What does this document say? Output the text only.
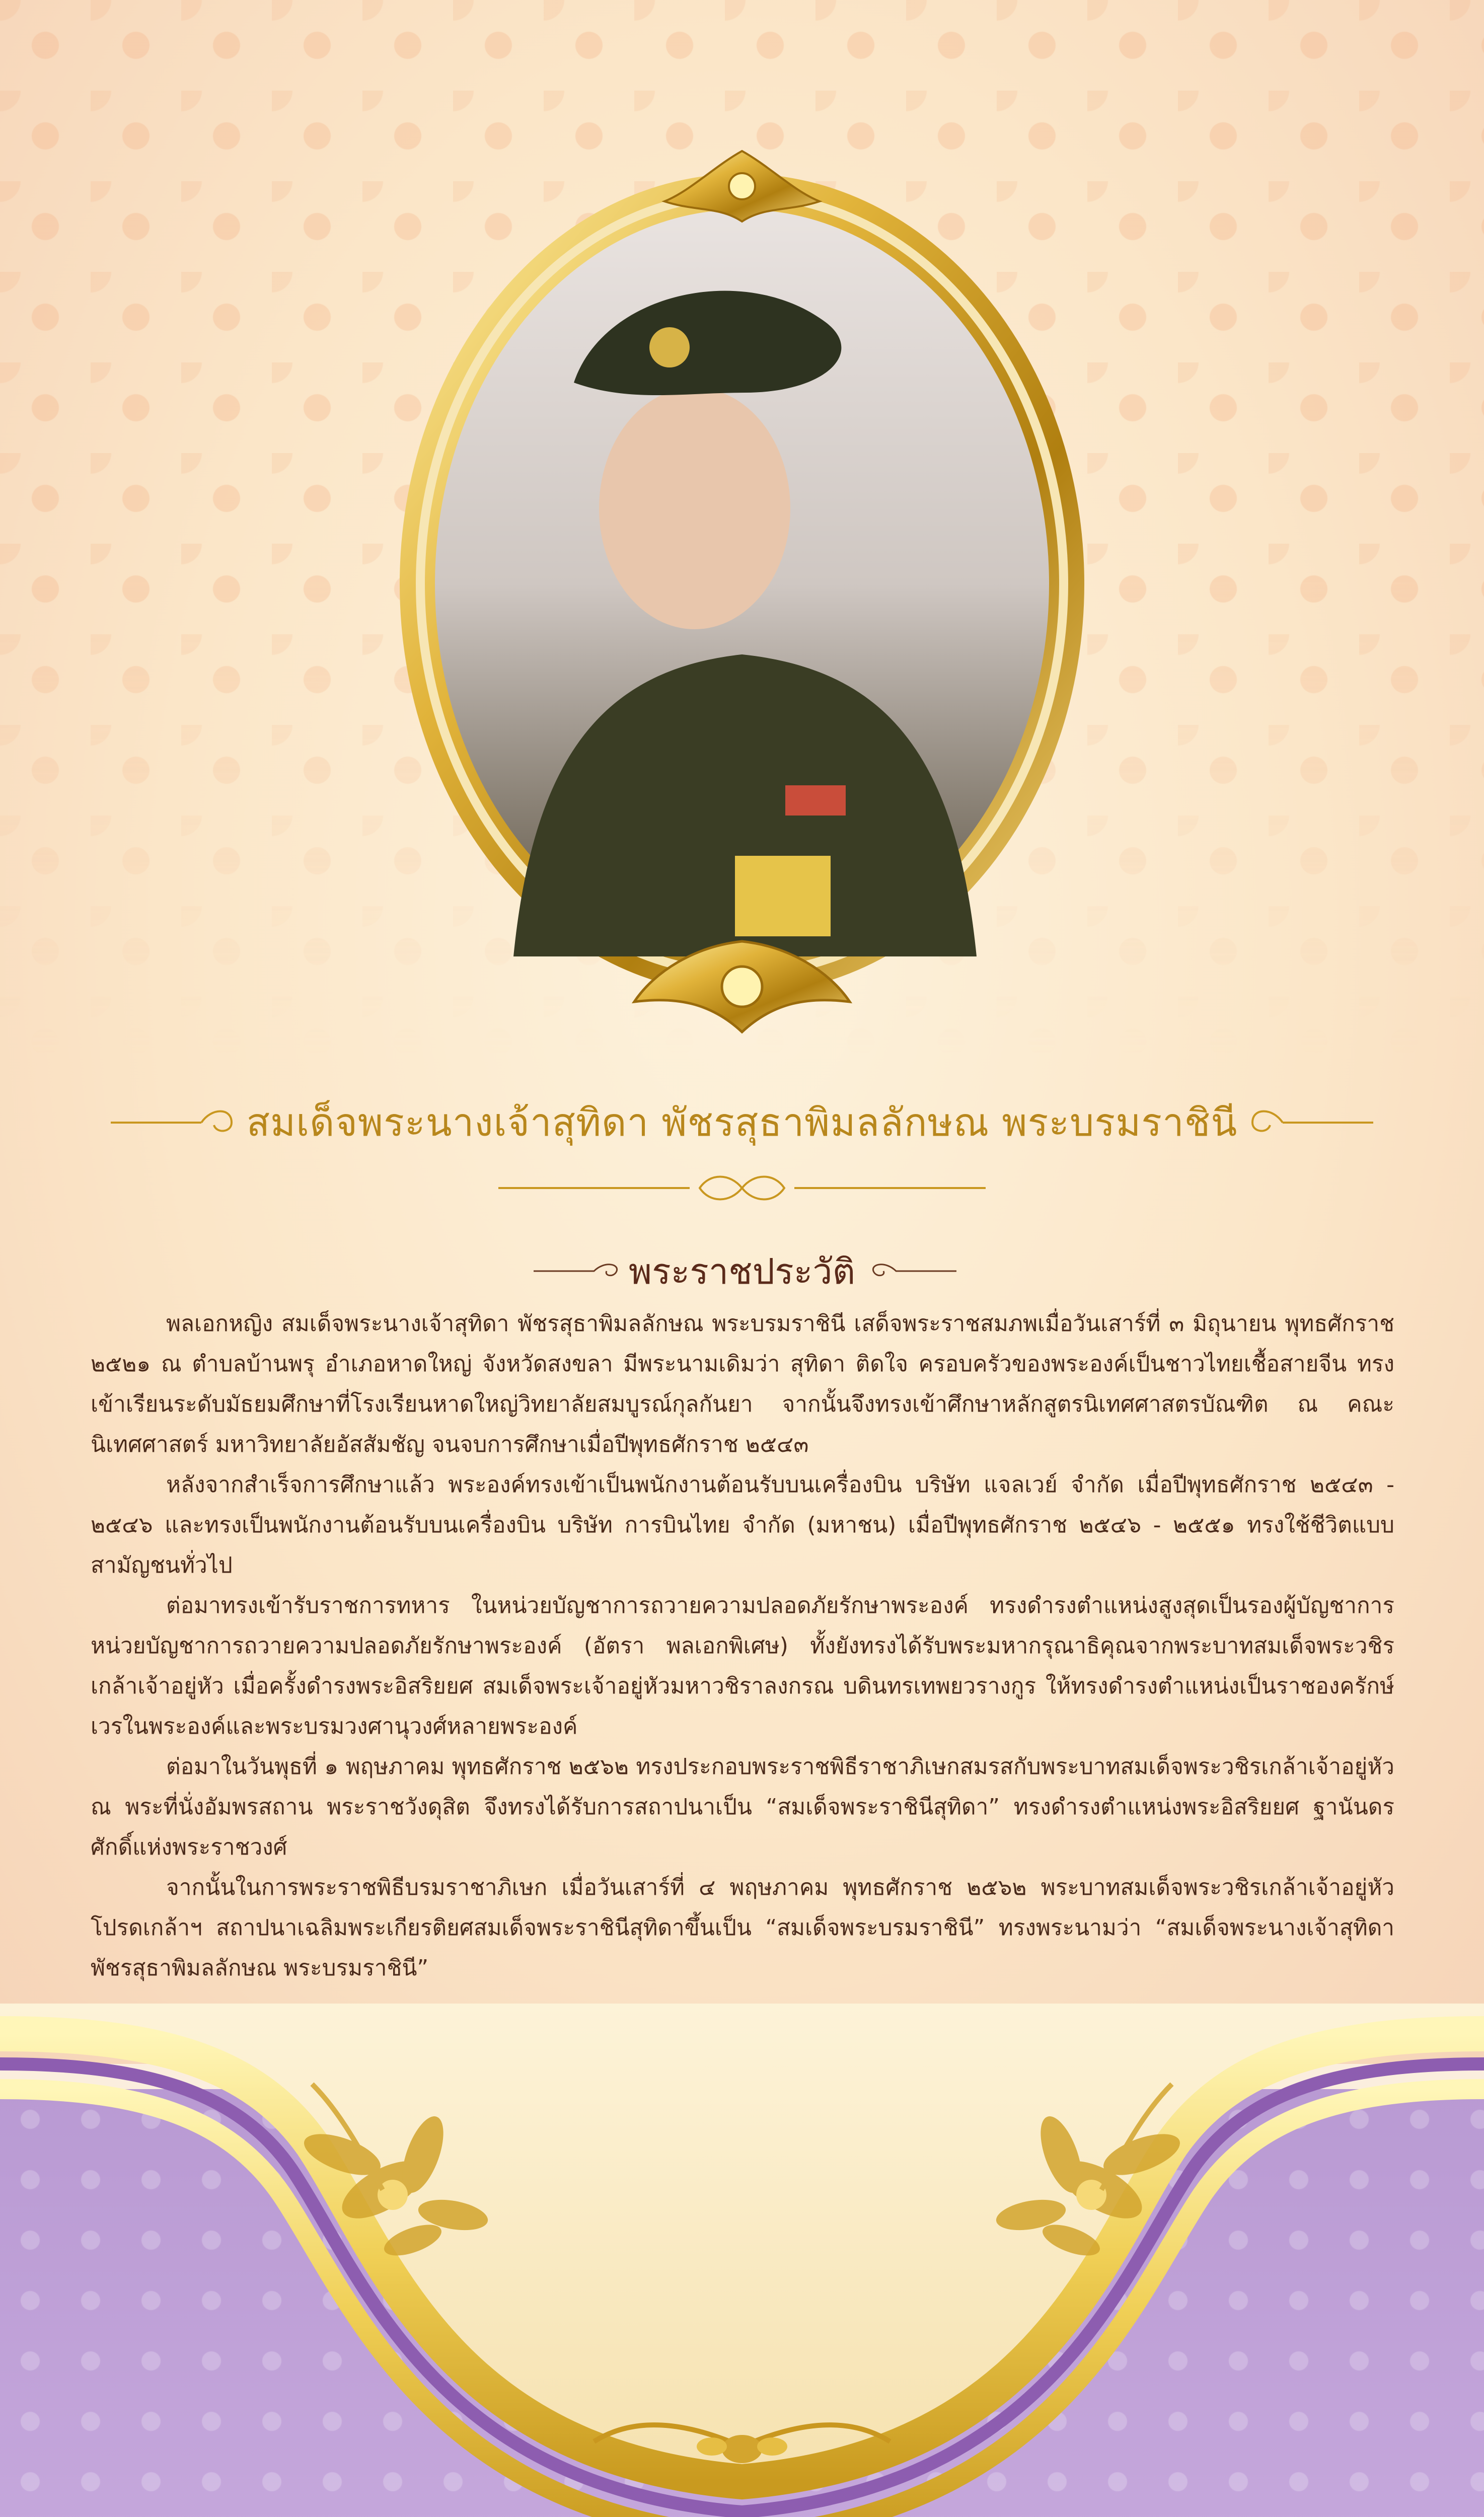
สมเด็จพระนางเจ้าสุทิดา พัชรสุธาพิมลลักษณ พระบรมราชินี
พระราชประวัติ

พลเอกหญิง สมเด็จพระนางเจ้าสุทิดา พัชรสุธาพิมลลักษณ พระบรมราชินี เสด็จพระราชสมภพเมื่อวันเสาร์ที่ ๓ มิถุนายน พุทธศักราช ๒๕๒๑ ณ ตำบลบ้านพรุ อำเภอหาดใหญ่ จังหวัดสงขลา มีพระนามเดิมว่า สุทิดา ติดใจ ครอบครัวของพระองค์เป็นชาวไทยเชื้อสายจีน ทรงเข้าเรียนระดับมัธยมศึกษาที่โรงเรียนหาดใหญ่วิทยาลัยสมบูรณ์กุลกันยา จากนั้นจึงทรงเข้าศึกษาหลักสูตรนิเทศศาสตรบัณฑิต ณ คณะนิเทศศาสตร์ มหาวิทยาลัยอัสสัมชัญ จนจบการศึกษาเมื่อปีพุทธศักราช ๒๕๔๓

หลังจากสำเร็จการศึกษาแล้ว พระองค์ทรงเข้าเป็นพนักงานต้อนรับบนเครื่องบิน บริษัท แจลเวย์ จำกัด เมื่อปีพุทธศักราช ๒๕๔๓ - ๒๕๔๖ และทรงเป็นพนักงานต้อนรับบนเครื่องบิน บริษัท การบินไทย จำกัด (มหาชน) เมื่อปีพุทธศักราช ๒๕๔๖ - ๒๕๕๑ ทรงใช้ชีวิตแบบสามัญชนทั่วไป

ต่อมาทรงเข้ารับราชการทหาร ในหน่วยบัญชาการถวายความปลอดภัยรักษาพระองค์ ทรงดำรงตำแหน่งสูงสุดเป็นรองผู้บัญชาการหน่วยบัญชาการถวายความปลอดภัยรักษาพระองค์ (อัตรา พลเอกพิเศษ) ทั้งยังทรงได้รับพระมหากรุณาธิคุณจากพระบาทสมเด็จพระวชิรเกล้าเจ้าอยู่หัว เมื่อครั้งดำรงพระอิสริยยศ สมเด็จพระเจ้าอยู่หัวมหาวชิราลงกรณ บดินทรเทพยวรางกูร ให้ทรงดำรงตำแหน่งเป็นราชองครักษ์เวรในพระองค์และพระบรมวงศานุวงศ์หลายพระองค์

ต่อมาในวันพุธที่ ๑ พฤษภาคม พุทธศักราช ๒๕๖๒ ทรงประกอบพระราชพิธีราชาภิเษกสมรสกับพระบาทสมเด็จพระวชิรเกล้าเจ้าอยู่หัว ณ พระที่นั่งอัมพรสถาน พระราชวังดุสิต จึงทรงได้รับการสถาปนาเป็น “สมเด็จพระราชินีสุทิดา” ทรงดำรงตำแหน่งพระอิสริยยศ ฐานันดรศักดิ์แห่งพระราชวงศ์

จากนั้นในการพระราชพิธีบรมราชาภิเษก เมื่อวันเสาร์ที่ ๔ พฤษภาคม พุทธศักราช ๒๕๖๒ พระบาทสมเด็จพระวชิรเกล้าเจ้าอยู่หัว โปรดเกล้าฯ สถาปนาเฉลิมพระเกียรติยศสมเด็จพระราชินีสุทิดาขึ้นเป็น “สมเด็จพระบรมราชินี” ทรงพระนามว่า “สมเด็จพระนางเจ้าสุทิดา พัชรสุธาพิมลลักษณ พระบรมราชินี”
